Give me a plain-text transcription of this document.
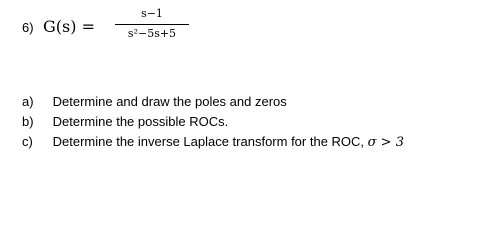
6) G(s) =
s−1
s²−5s+5
a) Determine and draw the poles and zeros
b) Determine the possible ROCs.
c) Determine the inverse Laplace transform for the ROC, σ > 3
